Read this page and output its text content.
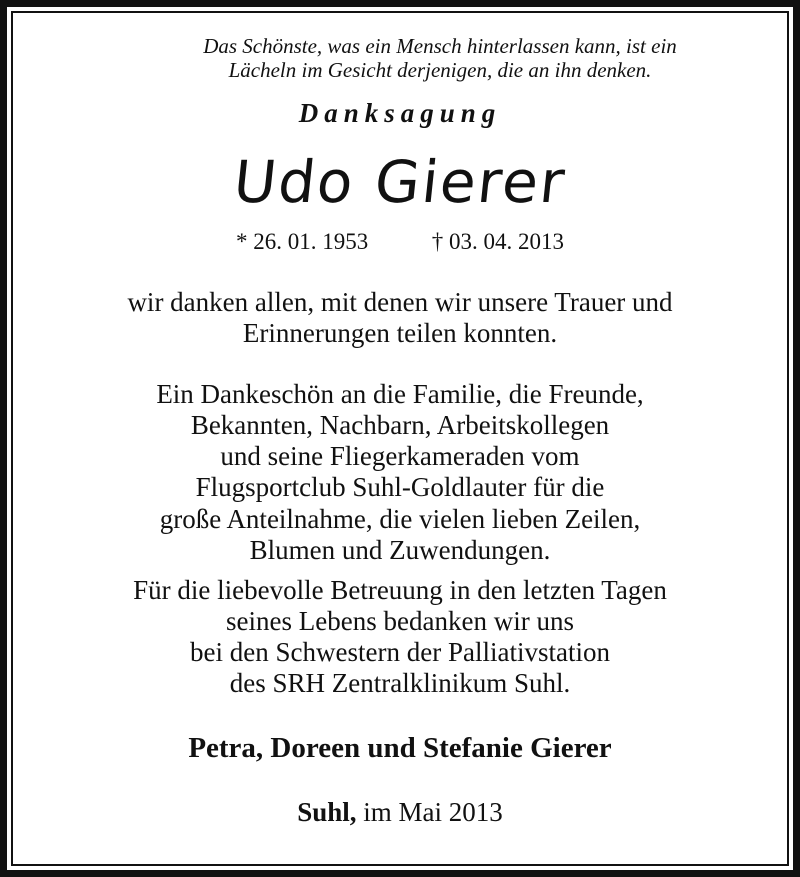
Das Schönste, was ein Mensch hinterlassen kann, ist ein
Lächeln im Gesicht derjenigen, die an ihn denken.
Danksagung
Udo Gierer
* 26. 01. 1953	† 03. 04. 2013
wir danken allen, mit denen wir unsere Trauer und
Erinnerungen teilen konnten.
Ein Dankeschön an die Familie, die Freunde,
Bekannten, Nachbarn, Arbeitskollegen
und seine Fliegerkameraden vom
Flugsportclub Suhl-Goldlauter für die
große Anteilnahme, die vielen lieben Zeilen,
Blumen und Zuwendungen.
Für die liebevolle Betreuung in den letzten Tagen
seines Lebens bedanken wir uns
bei den Schwestern der Palliativstation
des SRH Zentralklinikum Suhl.
Petra, Doreen und Stefanie Gierer
Suhl, im Mai 2013
